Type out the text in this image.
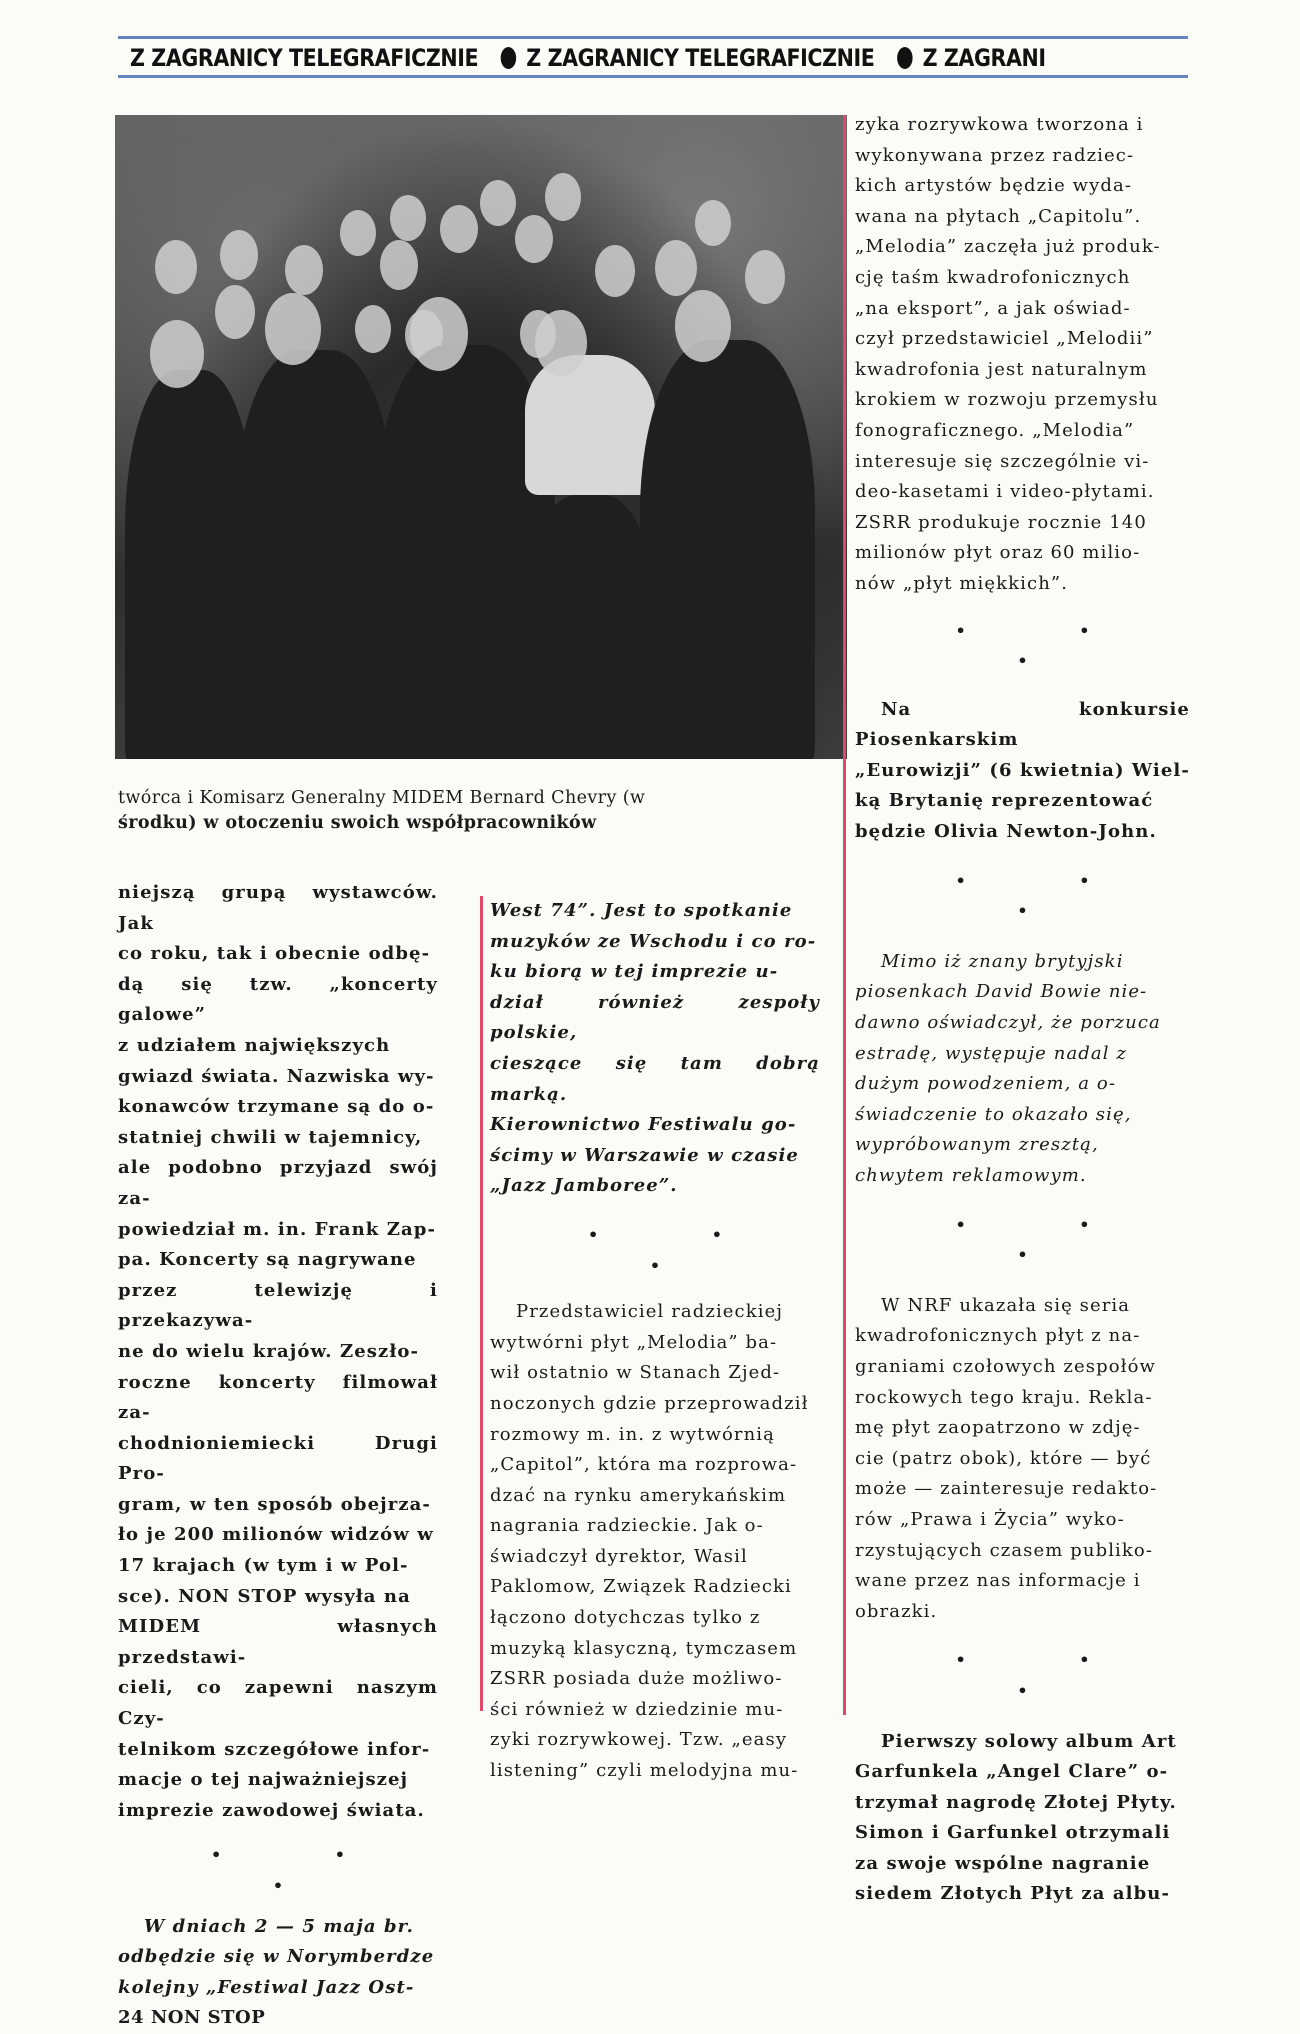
Z ZAGRANICY TELEGRAFICZNIE Z ZAGRANICY TELEGRAFICZNIE Z ZAGRANI
twórca i Komisarz Generalny MIDEM Bernard Chevry (w
środku) w otoczeniu swoich współpracowników

niejszą grupą wystawców. Jak

co roku, tak i obecnie odbę-

dą się tzw. „koncerty galowe”

z udziałem największych

gwiazd świata. Nazwiska wy-

konawców trzymane są do o-

statniej chwili w tajemnicy,

ale podobno przyjazd swój za-

powiedział m. in. Frank Zap-

pa. Koncerty są nagrywane

przez telewizję i przekazywa-

ne do wielu krajów. Zeszło-

roczne koncerty filmował za-

chodnioniemiecki Drugi Pro-

gram, w ten sposób obejrza-

ło je 200 milionów widzów w

17 krajach (w tym i w Pol-

sce). NON STOP wysyła na

MIDEM własnych przedstawi-

cieli, co zapewni naszym Czy-

telnikom szczegółowe infor-

macje o tej najważniejszej

imprezie zawodowej świata.

• • •

W dniach 2 — 5 maja br.

odbędzie się w Norymberdze

kolejny „Festiwal Jazz Ost-

24 NON STOP

West 74”. Jest to spotkanie

muzyków ze Wschodu i co ro-

ku biorą w tej imprezie u-

dział również zespoły polskie,

cieszące się tam dobrą marką.

Kierownictwo Festiwalu go-

ścimy w Warszawie w czasie

„Jazz Jamboree”.

• • •

Przedstawiciel radzieckiej

wytwórni płyt „Melodia” ba-

wił ostatnio w Stanach Zjed-

noczonych gdzie przeprowadził

rozmowy m. in. z wytwórnią

„Capitol”, która ma rozprowa-

dzać na rynku amerykańskim

nagrania radzieckie. Jak o-

świadczył dyrektor, Wasil

Paklomow, Związek Radziecki

łączono dotychczas tylko z

muzyką klasyczną, tymczasem

ZSRR posiada duże możliwo-

ści również w dziedzinie mu-

zyki rozrywkowej. Tzw. „easy

listening” czyli melodyjna mu-

zyka rozrywkowa tworzona i

wykonywana przez radziec-

kich artystów będzie wyda-

wana na płytach „Capitolu”.

„Melodia” zaczęła już produk-

cję taśm kwadrofonicznych

„na eksport”, a jak oświad-

czył przedstawiciel „Melodii”

kwadrofonia jest naturalnym

krokiem w rozwoju przemysłu

fonograficznego. „Melodia”

interesuje się szczególnie vi-

deo-kasetami i video-płytami.

ZSRR produkuje rocznie 140

milionów płyt oraz 60 milio-

nów „płyt miękkich”.

• • •

Na konkursie Piosenkarskim

„Eurowizji” (6 kwietnia) Wiel-

ką Brytanię reprezentować

będzie Olivia Newton-John.

• • •

Mimo iż znany brytyjski

piosenkach David Bowie nie-

dawno oświadczył, że porzuca

estradę, występuje nadal z

dużym powodzeniem, a o-

świadczenie to okazało się,

wypróbowanym zresztą,

chwytem reklamowym.

• • •

W NRF ukazała się seria

kwadrofonicznych płyt z na-

graniami czołowych zespołów

rockowych tego kraju. Rekla-

mę płyt zaopatrzono w zdję-

cie (patrz obok), które — być

może — zainteresuje redakto-

rów „Prawa i Życia” wyko-

rzystujących czasem publiko-

wane przez nas informacje i

obrazki.

• • •

Pierwszy solowy album Art

Garfunkela „Angel Clare” o-

trzymał nagrodę Złotej Płyty.

Simon i Garfunkel otrzymali

za swoje wspólne nagranie

siedem Złotych Płyt za albu-
